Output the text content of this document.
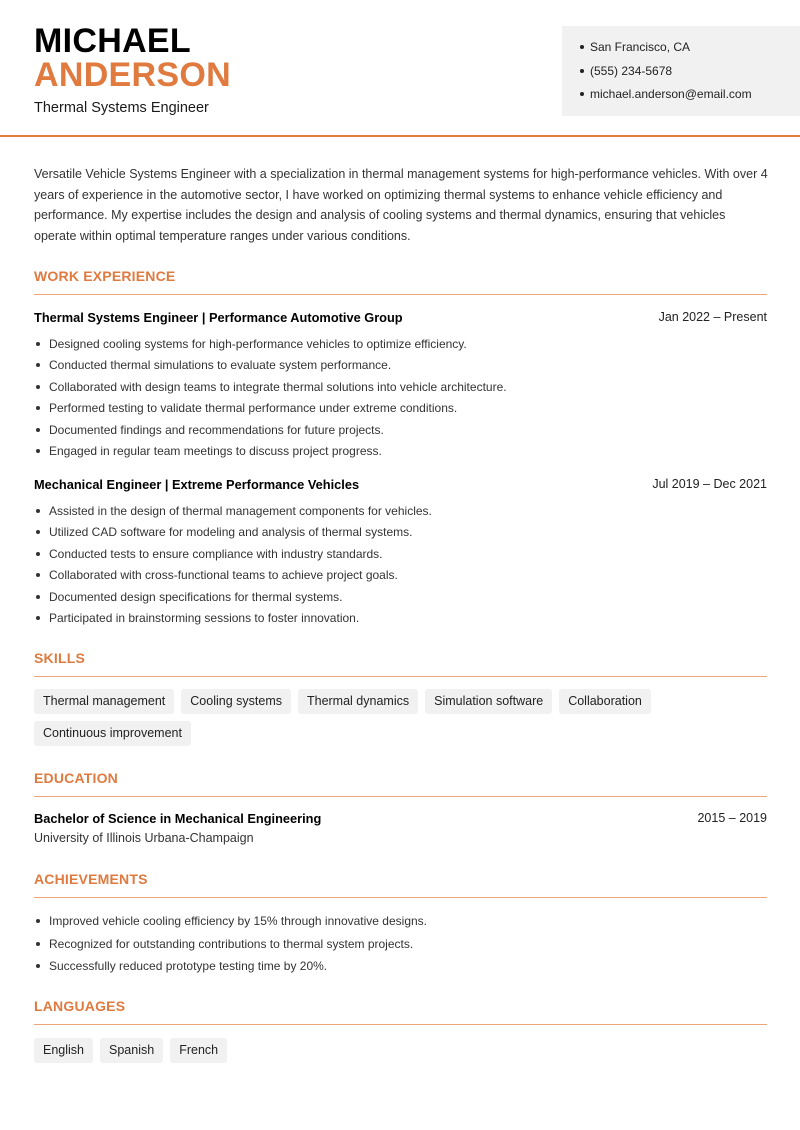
MICHAEL
ANDERSON
Thermal Systems Engineer
San Francisco, CA
(555) 234-5678
michael.anderson@email.com
Versatile Vehicle Systems Engineer with a specialization in thermal management systems for high-performance vehicles. With over 4 years of experience in the automotive sector, I have worked on optimizing thermal systems to enhance vehicle efficiency and performance. My expertise includes the design and analysis of cooling systems and thermal dynamics, ensuring that vehicles operate within optimal temperature ranges under various conditions.
WORK EXPERIENCE
Thermal Systems Engineer | Performance Automotive Group	Jan 2022 – Present
Designed cooling systems for high-performance vehicles to optimize efficiency.
Conducted thermal simulations to evaluate system performance.
Collaborated with design teams to integrate thermal solutions into vehicle architecture.
Performed testing to validate thermal performance under extreme conditions.
Documented findings and recommendations for future projects.
Engaged in regular team meetings to discuss project progress.
Mechanical Engineer | Extreme Performance Vehicles	Jul 2019 – Dec 2021
Assisted in the design of thermal management components for vehicles.
Utilized CAD software for modeling and analysis of thermal systems.
Conducted tests to ensure compliance with industry standards.
Collaborated with cross-functional teams to achieve project goals.
Documented design specifications for thermal systems.
Participated in brainstorming sessions to foster innovation.
SKILLS
Thermal management	Cooling systems	Thermal dynamics	Simulation software	Collaboration
Continuous improvement
EDUCATION
Bachelor of Science in Mechanical Engineering	2015 – 2019
University of Illinois Urbana-Champaign
ACHIEVEMENTS
Improved vehicle cooling efficiency by 15% through innovative designs.
Recognized for outstanding contributions to thermal system projects.
Successfully reduced prototype testing time by 20%.
LANGUAGES
English	Spanish	French
